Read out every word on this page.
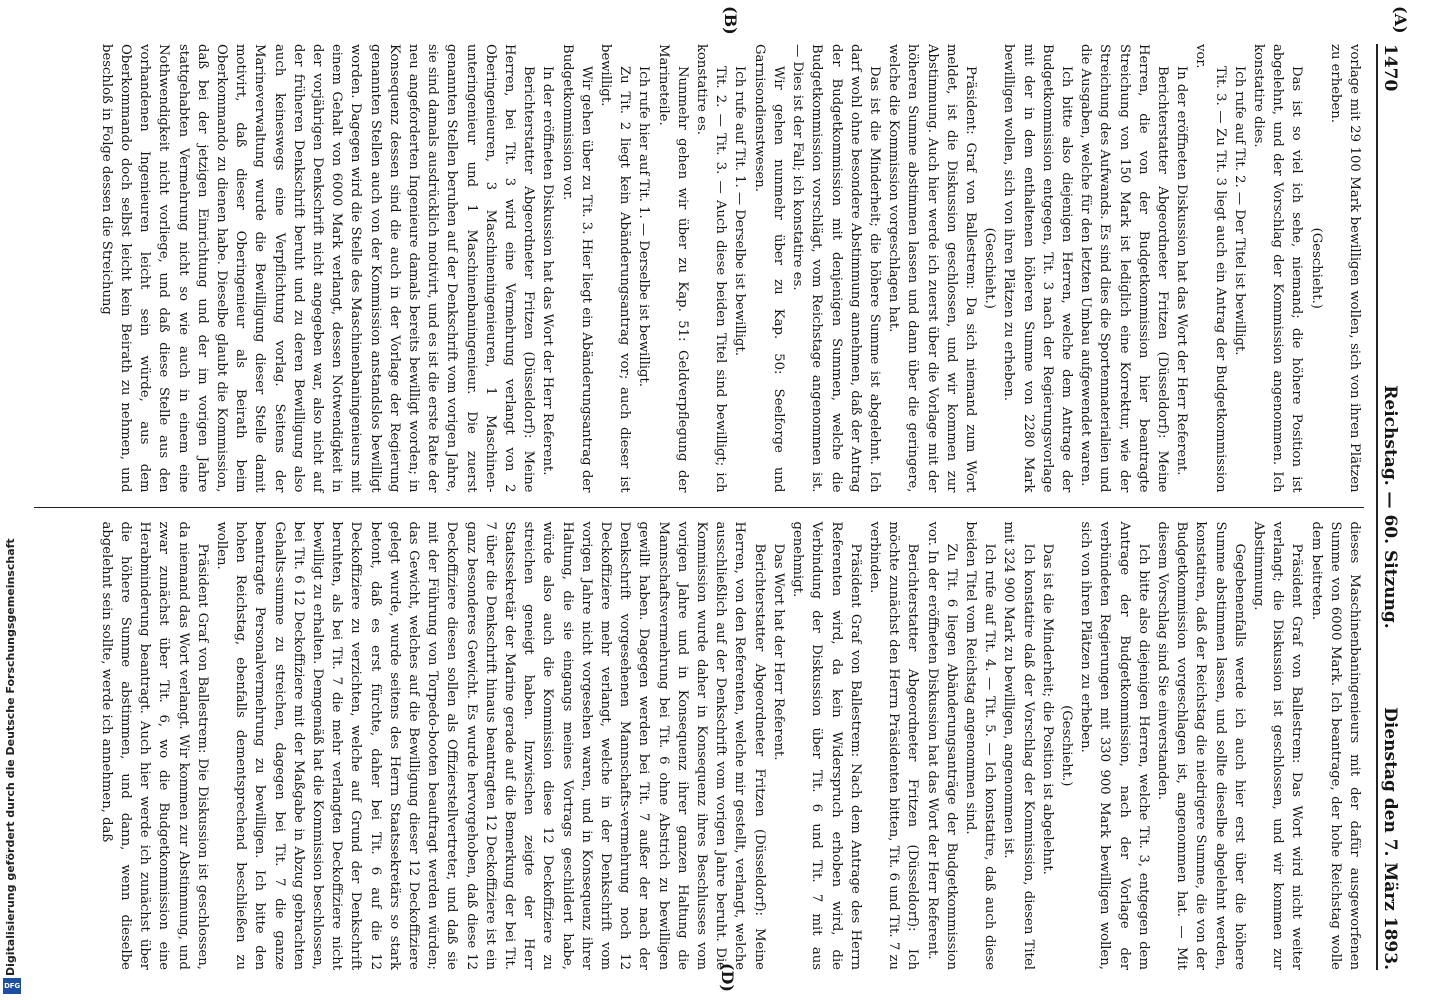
1470
Reichstag. — 60. Sitzung.
Dienstag den 7. März 1893.

vorlage mit 29 100 Mark bewilligen wollen, sich von ihren Plätzen zu erheben.

(Geschieht.)

Das ist so viel ich sehe, niemand; die höhere Position ist abgelehnt, und der Vorschlag der Kommission angenommen. Ich konstatire dies.

Ich rufe auf Tit. 2. — Der Titel ist bewilligt.

Tit. 3. — Zu Tit. 3 liegt auch ein Antrag der Budgetkommission vor.

In der eröffneten Diskussion hat das Wort der Herr Referent.

Berichterstatter Abgeordneter Fritzen (Düsseldorf): Meine Herren, die von der Budgetkommission hier beantragte Streichung von 150 Mark ist lediglich eine Korrektur, wie der Streichung des Aufwands. Es sind dies die Sportenmaterialien und die Ausgaben, welche für den letzten Umbau aufgewendet waren.

Ich bitte also diejenigen Herren, welche dem Antrage der Budgetkommission entgegen, Tit. 3 nach der Regierungsvorlage mit der in dem enthaltenen höheren Summe von 2280 Mark bewilligen wollen, sich von ihren Plätzen zu erheben.

(Geschieht.)

Präsident: Graf von Ballestrem: Da sich niemand zum Wort meldet, ist die Diskussion geschlossen, und wir kommen zur Abstimmung. Auch hier werde ich zuerst über die Vorlage mit der höheren Summe abstimmen lassen und dann über die geringere, welche die Kommission vorgeschlagen hat.

Das ist die Minderheit; die höhere Summe ist abgelehnt. Ich darf wohl ohne besondere Abstimmung annehmen, daß der Antrag der Budgetkommission mit denjenigen Summen, welche die Budgetkommission vorschlägt, vom Reichstage angenommen ist. — Dies ist der Fall; ich konstatire es.

Wir gehen nunmehr über zu Kap. 50: Seelforge und Garnisondienstwesen.

Ich rufe auf Tit. 1. — Derselbe ist bewilligt.

Tit. 2. — Tit. 3. — Auch diese beiden Titel sind bewilligt; ich konstatire es.

Nunmehr gehen wir über zu Kap. 51: Geldverpflegung der Marineteile.

Ich rufe hier auf Tit. 1. — Derselbe ist bewilligt.

Zu Tit. 2 liegt kein Abänderungsantrag vor; auch dieser ist bewilligt.

Wir gehen über zu Tit. 3. Hier liegt ein Abänderungsantrag der Budgetkommission vor.

In der eröffneten Diskussion hat das Wort der Herr Referent.

Berichterstatter Abgeordneter Fritzen (Düsseldorf): Meine Herren, bei Tit. 3 wird eine Vermehrung verlangt von 2 Oberingenieuren, 3 Maschineningenieuren, 1 Maschinen-unteringenieur und 1 Maschinenbaningenieur. Die zuerst genannten Stellen beruhen auf der Denkschrift vom vorigen Jahre, sie sind damals ausdrücklich motivirt, und es ist die erste Rate der neu angeforderten Ingenieure damals bereits bewilligt worden; in Konsequenz dessen sind die auch in der Vorlage der Regierung genannten Stellen auch von der Kommission anstandslos bewilligt worden. Dagegen wird die Stelle des Maschinenbaningenieurs mit einem Gehalt von 6000 Mark verlangt, dessen Notwendigkeit in der vorjährigen Denkschrift nicht angegeben war, also nicht auf der früheren Denkschrift beruht und zu deren Bewilligung also auch keineswegs eine Verpflichtung vorlag. Seitens der Marineverwaltung wurde die Bewilligung dieser Stelle damit motivirt, daß dieser Oberingenieur als Beirath beim Oberkommando zu dienen habe. Dieselbe glaubt die Kommission, daß bei der jetzigen Einrichtung und der im vorigen Jahre stattgehabten Vermehrung nicht so wie auch in einem eine Nothwendigkeit nicht vorliege, und daß diese Stelle aus den vorhandenen Ingenieuren leicht sein würde, aus dem Oberkommando doch selbst leicht kein Beirath zu nehmen, und beschloß in Folge dessen die Streichung

dieses Maschinenbaningenieurs mit der dafür ausgeworfenen Summe von 6000 Mark. Ich beantrage, der hohe Reichstag wolle dem beitreten.

Präsident Graf von Ballestrem: Das Wort wird nicht weiter verlangt; die Diskussion ist geschlossen, und wir kommen zur Abstimmung.

Gegebenenfalls werde ich auch hier erst über die höhere Summe abstimmen lassen, und sollte dieselbe abgelehnt werden, konstatiren, daß der Reichstag die niedrigere Summe, die von der Budgetkommission vorgeschlagen ist, angenommen hat. — Mit diesem Vorschlag sind Sie einverstanden.

Ich bitte also diejenigen Herren, welche Tit. 3, entgegen dem Antrage der Budgetkommission, nach der Vorlage der verbündeten Regierungen mit 330 900 Mark bewilligen wollen, sich von ihren Plätzen zu erheben.

(Geschieht.)

Das ist die Minderheit; die Position ist abgelehnt.

Ich konstatire daß der Vorschlag der Kommission, diesen Titel mit 324 900 Mark zu bewilligen, angenommen ist.

Ich rufe auf Tit. 4. — Tit. 5. — Ich konstatire, daß auch diese beiden Titel vom Reichstag angenommen sind.

Zu Tit. 6 liegen Abänderungsanträge der Budgetkommission vor. In der eröffneten Diskussion hat das Wort der Herr Referent.

Berichterstatter Abgeordneter Fritzen (Düsseldorf): Ich möchte zunächst den Herrn Präsidenten bitten, Tit. 6 und Tit. 7 zu verbinden.

Präsident Graf von Ballestrem: Nach dem Antrage des Herrn Referenten wird, da kein Widerspruch erhoben wird, die Verbindung der Diskussion über Tit. 6 und Tit. 7 mit aus genehmigt.

Das Wort hat der Herr Referent.

Berichterstatter Abgeordneter Fritzen (Düsseldorf): Meine Herren, von den Referenten, welche mir gestellt, verlangt, welche ausschließlich auf der Denkschrift vom vorigen Jahre beruht. Die Kommission wurde daher in Konsequenz ihres Beschlusses vom vorigen Jahre und in Konsequenz ihrer ganzen Haltung die Mannschaftsvermehrung bei Tit. 6 ohne Abstrich zu bewilligen gewillt haben. Dagegen werden bei Tit. 7 außer der nach der Denkschrift vorgesehenen Mannschafts-vermehrung noch 12 Deckoffiziere mehr verlangt, welche in der Denkschrift vom vorigen Jahre nicht vorgesehen waren, und in Konsequenz ihrer Haltung, die sie eingangs meines Vortrags geschildert habe, würde also auch die Kommission diese 12 Deckoffiziere zu streichen geneigt haben. Inzwischen zeigte der Herr Staatssekretär der Marine gerade auf die Bemerkung der bei Tit. 7 über die Denkschrift hinaus beantragten 12 Deckoffiziere ist ein ganz besonderes Gewicht. Es wurde hervorgehoben, daß diese 12 Deckoffiziere diesen sollen als Offizierstellvertreter, und daß sie mit der Führung von Torpedo-booten beauftragt werden würden; das Gewicht, welches auf die Bewilligung dieser 12 Deckoffiziere gelegt wurde, wurde seitens des Herrn Staatssekretärs so stark betont, daß es erst fürchte, daher bei Tit. 6 auf die 12 Deckoffiziere zu verzichten, welche auf Grund der Denkschrift beruhten, als bei Tit. 7 die mehr verlangten Deckoffiziere nicht bewilligt zu erhalten. Demgemäß hat die Kommission beschlossen, bei Tit. 6 12 Deckoffiziere mit der Maßgabe in Abzug gebrachten Gehalts-summe zu streichen, dagegen bei Tit. 7 die ganze beantragte Personalvermehrung zu bewilligen. Ich bitte den hohen Reichstag, ebenfalls dementsprechend beschließen zu wollen.

Präsident Graf von Ballestrem: Die Diskussion ist geschlossen, da niemand das Wort verlangt. Wir kommen zur Abstimmung, und zwar zunächst über Tit. 6, wo die Budgetkommission eine Herabminderung beantragt. Auch hier werde ich zunächst über die höhere Summe abstimmen, und dann, wenn dieselbe abgelehnt sein sollte, werde ich annehmen, daß

(A)
(B)
(D)
Digitalisierung gefördert durch die Deutsche Forschungsgemeinschaft
DFG
